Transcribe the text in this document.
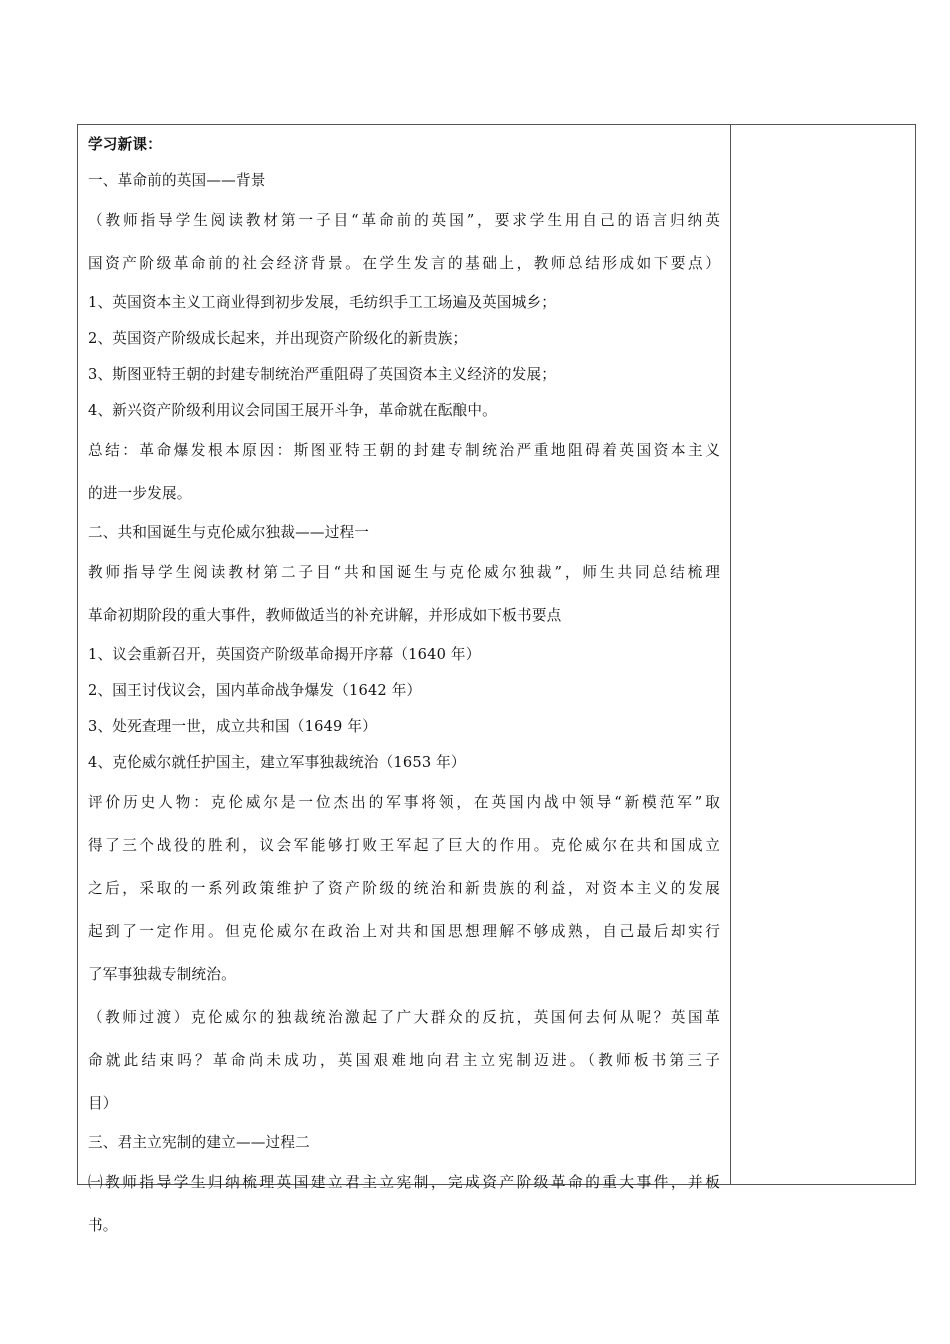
学习新课：
一、革命前的英国——背景
（教师指导学生阅读教材第一子目“革命前的英国”，要求学生用自己的语言归纳英
国资产阶级革命前的社会经济背景。在学生发言的基础上，教师总结形成如下要点）
1、英国资本主义工商业得到初步发展，毛纺织手工工场遍及英国城乡；
2、英国资产阶级成长起来，并出现资产阶级化的新贵族；
3、斯图亚特王朝的封建专制统治严重阻碍了英国资本主义经济的发展；
4、新兴资产阶级利用议会同国王展开斗争，革命就在酝酿中。
总结：革命爆发根本原因：斯图亚特王朝的封建专制统治严重地阻碍着英国资本主义
的进一步发展。
二、共和国诞生与克伦威尔独裁——过程一
教师指导学生阅读教材第二子目“共和国诞生与克伦威尔独裁”，师生共同总结梳理
革命初期阶段的重大事件，教师做适当的补充讲解，并形成如下板书要点
1、议会重新召开，英国资产阶级革命揭开序幕（1640 年）
2、国王讨伐议会，国内革命战争爆发（1642 年）
3、处死查理一世，成立共和国（1649 年）
4、克伦威尔就任护国主，建立军事独裁统治（1653 年）
评价历史人物：克伦威尔是一位杰出的军事将领，在英国内战中领导“新模范军”取
得了三个战役的胜利，议会军能够打败王军起了巨大的作用。克伦威尔在共和国成立
之后，采取的一系列政策维护了资产阶级的统治和新贵族的利益，对资本主义的发展
起到了一定作用。但克伦威尔在政治上对共和国思想理解不够成熟，自己最后却实行
了军事独裁专制统治。
（教师过渡）克伦威尔的独裁统治激起了广大群众的反抗，英国何去何从呢？英国革
命就此结束吗？革命尚未成功，英国艰难地向君主立宪制迈进。（教师板书第三子
目）
三、君主立宪制的建立——过程二
㈠教师指导学生归纳梳理英国建立君主立宪制，完成资产阶级革命的重大事件，并板
书。
